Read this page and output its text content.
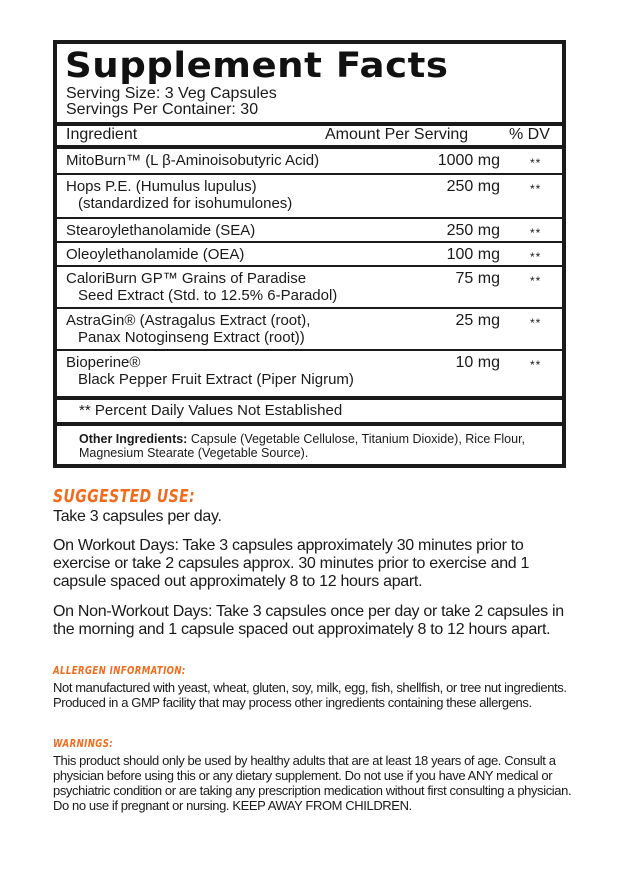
Supplement Facts
Serving Size: 3 Veg Capsules
Servings Per Container: 30
Ingredient	Amount Per Serving	% DV
MitoBurn™ (L β-Aminoisobutyric Acid)	1000 mg	**
Hops P.E. (Humulus lupulus)
(standardized for isohumulones)
250 mg	**
Stearoylethanolamide (SEA)	250 mg	**
Oleoylethanolamide (OEA)	100 mg	**
CaloriBurn GP™ Grains of Paradise
Seed Extract (Std. to 12.5% 6-Paradol)
75 mg	**
AstraGin® (Astragalus Extract (root),
Panax Notoginseng Extract (root))
25 mg	**
Bioperine®
Black Pepper Fruit Extract (Piper Nigrum)
10 mg	**
** Percent Daily Values Not Established
Other Ingredients: Capsule (Vegetable Cellulose, Titanium Dioxide), Rice Flour, Magnesium Stearate (Vegetable Source).
SUGGESTED USE:
Take 3 capsules per day.
On Workout Days: Take 3 capsules approximately 30 minutes prior to exercise or take 2 capsules approx. 30 minutes prior to exercise and 1 capsule spaced out approximately 8 to 12 hours apart.
On Non-Workout Days: Take 3 capsules once per day or take 2 capsules in the morning and 1 capsule spaced out approximately 8 to 12 hours apart.
ALLERGEN INFORMATION:
Not manufactured with yeast, wheat, gluten, soy, milk, egg, fish, shellfish, or tree nut ingredients. Produced in a GMP facility that may process other ingredients containing these allergens.
WARNINGS:
This product should only be used by healthy adults that are at least 18 years of age. Consult a physician before using this or any dietary supplement. Do not use if you have ANY medical or psychiatric condition or are taking any prescription medication without first consulting a physician. Do no use if pregnant or nursing. KEEP AWAY FROM CHILDREN.
